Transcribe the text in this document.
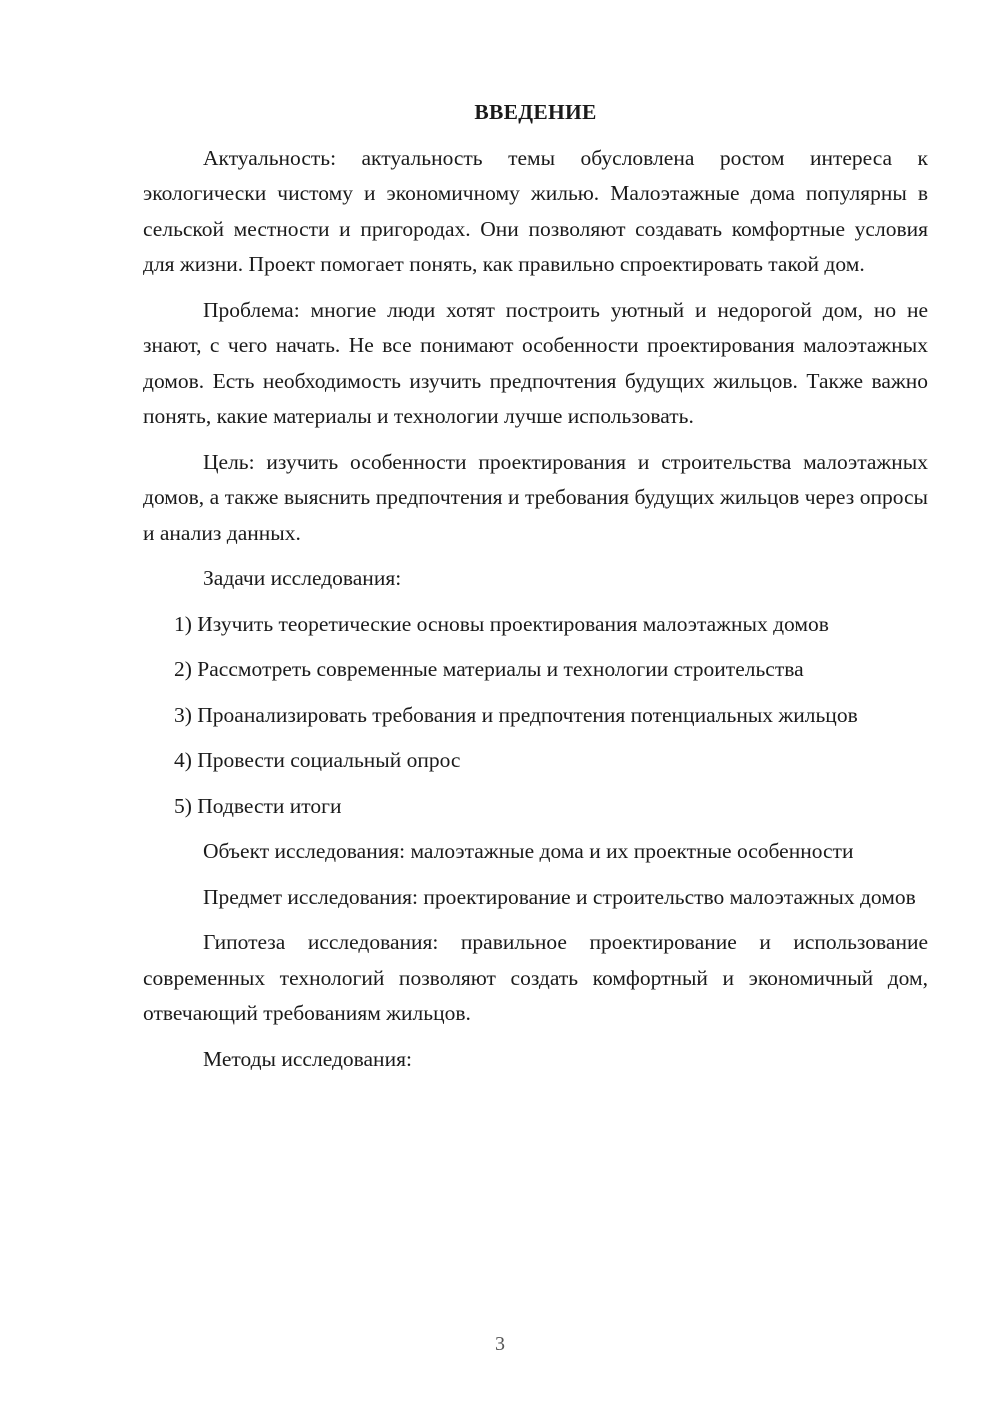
ВВЕДЕНИЕ

Актуальность: актуальность темы обусловлена ростом интереса к экологически чистому и экономичному жилью. Малоэтажные дома популярны в сельской местности и пригородах. Они позволяют создавать комфортные условия для жизни. Проект помогает понять, как правильно спроектировать такой дом.

Проблема: многие люди хотят построить уютный и недорогой дом, но не знают, с чего начать. Не все понимают особенности проектирования малоэтажных домов. Есть необходимость изучить предпочтения будущих жильцов. Также важно понять, какие материалы и технологии лучше использовать.

Цель: изучить особенности проектирования и строительства малоэтажных домов, а также выяснить предпочтения и требования будущих жильцов через опросы и анализ данных.

Задачи исследования:

1) Изучить теоретические основы проектирования малоэтажных домов

2) Рассмотреть современные материалы и технологии строительства

3) Проанализировать требования и предпочтения потенциальных жильцов

4) Провести социальный опрос

5) Подвести итоги

Объект исследования: малоэтажные дома и их проектные особенности

Предмет исследования: проектирование и строительство малоэтажных домов

Гипотеза исследования: правильное проектирование и использование современных технологий позволяют создать комфортный и экономичный дом, отвечающий требованиям жильцов.

Методы исследования:

3
